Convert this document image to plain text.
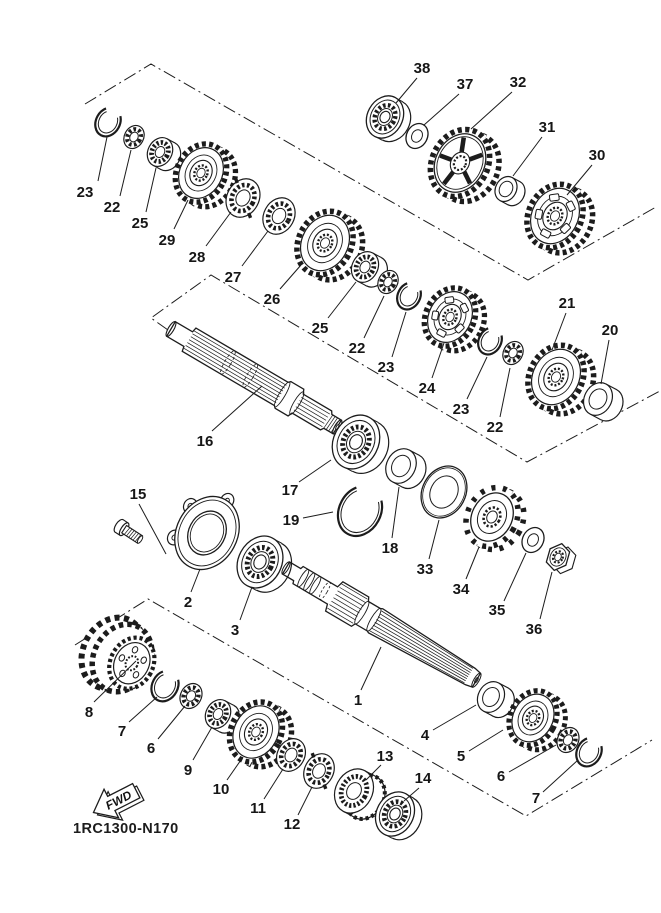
FWD
23
22
25
29
28
27
26
38
37 32
31
30
25
22
23
24
23
22
21
20
16
17
19
18
33
34
35
36
15
2
3
1
8
7
6
9
10
11
12
13
14
4
5
6
7
1RC1300-N170
